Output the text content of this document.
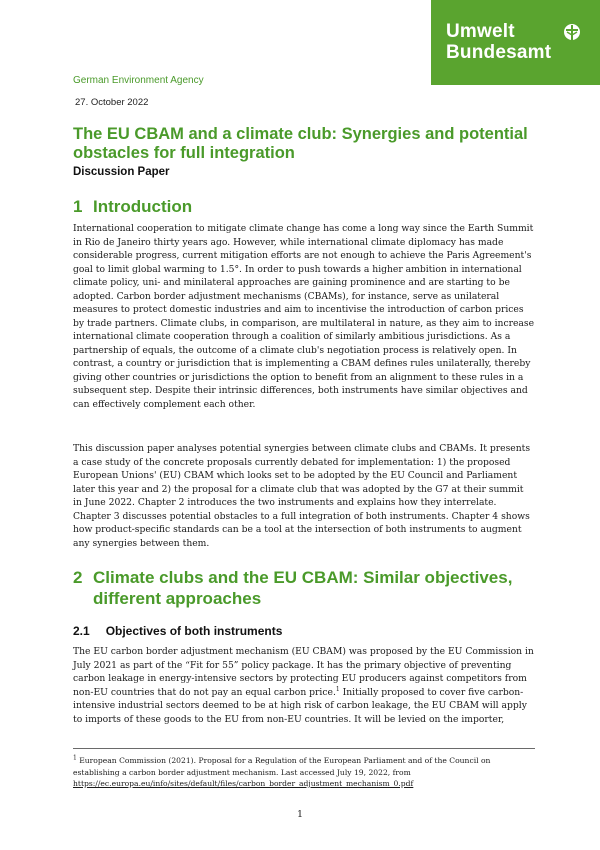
Umwelt
Bundesamt
German Environment Agency
27. October 2022
The EU CBAM and a climate club: Synergies and potential obstacles for full integration
Discussion Paper
1 Introduction

International cooperation to mitigate climate change has come a long way since the Earth Summit in Rio de Janeiro thirty years ago. However, while international climate diplomacy has made considerable progress, current mitigation efforts are not enough to achieve the Paris Agreement's goal to limit global warming to 1.5°. In order to push towards a higher ambition in international climate policy, uni- and minilateral approaches are gaining prominence and are starting to be adopted. Carbon border adjustment mechanisms (CBAMs), for instance, serve as unilateral measures to protect domestic industries and aim to incentivise the introduction of carbon prices by trade partners. Climate clubs, in comparison, are multilateral in nature, as they aim to increase international climate cooperation through a coalition of similarly ambitious jurisdictions. As a partnership of equals, the outcome of a climate club's negotiation process is relatively open. In contrast, a country or jurisdiction that is implementing a CBAM defines rules unilaterally, thereby giving other countries or jurisdictions the option to benefit from an alignment to these rules in a subsequent step. Despite their intrinsic differences, both instruments have similar objectives and can effectively complement each other.

This discussion paper analyses potential synergies between climate clubs and CBAMs. It presents a case study of the concrete proposals currently debated for implementation: 1) the proposed European Unions' (EU) CBAM which looks set to be adopted by the EU Council and Parliament later this year and 2) the proposal for a climate club that was adopted by the G7 at their summit in June 2022. Chapter 2 introduces the two instruments and explains how they interrelate. Chapter 3 discusses potential obstacles to a full integration of both instruments. Chapter 4 shows how product-specific standards can be a tool at the intersection of both instruments to augment any synergies between them.

2 Climate clubs and the EU CBAM: Similar objectives, different approaches
2.1 Objectives of both instruments

The EU carbon border adjustment mechanism (EU CBAM) was proposed by the EU Commission in July 2021 as part of the “Fit for 55” policy package. It has the primary objective of preventing carbon leakage in energy-intensive sectors by protecting EU producers against competitors from non-EU countries that do not pay an equal carbon price.$^1$ Initially proposed to cover five carbon-intensive industrial sectors deemed to be at high risk of carbon leakage, the EU CBAM will apply to imports of these goods to the EU from non-EU countries. It will be levied on the importer,

$^1$ European Commission (2021). Proposal for a Regulation of the European Parliament and of the Council on establishing a carbon border adjustment mechanism. Last accessed July 19, 2022, from https://ec.europa.eu/info/sites/default/files/carbon_border_adjustment_mechanism_0.pdf

1
